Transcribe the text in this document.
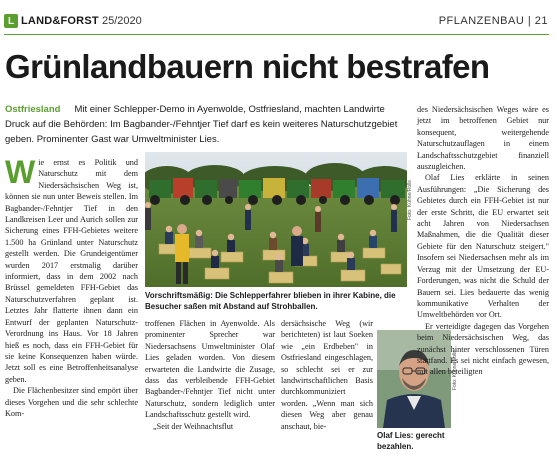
L LAND&FORST 25/2020	PFLANZENBAU | 21
Grünlandbauern nicht bestrafen
Ostfriesland Mit einer Schlepper-Demo in Ayenwolde, Ostfriesland, machten Landwirte Druck auf die Behörden: Im Bagbander-/Fehntjer Tief darf es kein weiteres Naturschutzgebiet geben. Prominenter Gast war Umweltminister Lies.

Wie ernst es Politik und Naturschutz mit dem Niedersächsischen Weg ist, können sie nun unter Beweis stellen. Im Bagbander-/Fehntjer Tief in den Landkreisen Leer und Aurich sollen zur Sicherung eines FFH-Gebietes weitere 1.500 ha Grünland unter Naturschutz gestellt werden. Die Grundeigentümer wurden 2017 erstmalig darüber informiert, dass in dem 2002 nach Brüssel gemeldeten FFH-Gebiet das Naturschutzverfahren geplant ist. Letztes Jahr flatterte ihnen dann ein Entwurf der geplanten Naturschutz-Verordnung ins Haus. Vor 18 Jahren hieß es noch, dass ein FFH-Gebiet für sie keine Konsequenzen haben würde. Jetzt soll es eine Betroffenheitsanalyse geben.

Die Flächenbesitzer sind empört über dieses Vorgehen und die sehr schlechte Kom-

Foto: Kühne/Rolle
Vorschriftsmäßig: Die Schlepperfahrer blieben in ihrer Kabine, die Besucher saßen mit Abstand auf Strohballen.

troffenen Flächen in Ayenwolde. Als prominenter Sprecher war Niedersachsens Umweltminister Olaf Lies geladen worden. Von diesem erwarteten die Landwirte die Zusage, dass das verbleibende FFH-Gebiet Bagbander-/Fehntjer Tief nicht unter Naturschutz, sondern lediglich unter Landschaftsschutz gestellt wird.

„Seit der Weihnachtsflut

dersächsische Weg (wir berichteten) ist laut Soeken wie „ein Erdbeben" in Ostfriesland eingeschlagen, so schlecht sei er zur landwirtschaftlichen Basis durchkommuniziert worden. „Wenn man sich diesen Weg aber genau anschaut, bie-

Foto: Kühne/Rolle
Olaf Lies: gerecht bezahlen.

des Niedersächsischen Weges wäre es jetzt im betroffenen Gebiet nur konsequent, weitergehende Naturschutzauflagen in einem Landschaftsschutzgebiet finanziell auszugleichen.

Olaf Lies erklärte in seinen Ausführungen: „Die Sicherung des Gebietes durch ein FFH-Gebiet ist nur der erste Schritt, die EU erwartet seit acht Jahren von Niedersachsen Maßnahmen, die die Qualität dieser Gebiete für den Naturschutz steigert." Insofern sei Niedersachsen mehr als im Verzug mit der Umsetzung der EU-Forderungen, was nicht die Schuld der Bauern sei. Lies bedauerte das wenig kommunikative Verhalten der Umweltbehörden vor Ort.

Er verteidigte dagegen das Vorgehen beim Niedersächsischen Weg, das zunächst hinter verschlossenen Türen stattfand. Es sei nicht einfach gewesen, mit allen beteiligten
